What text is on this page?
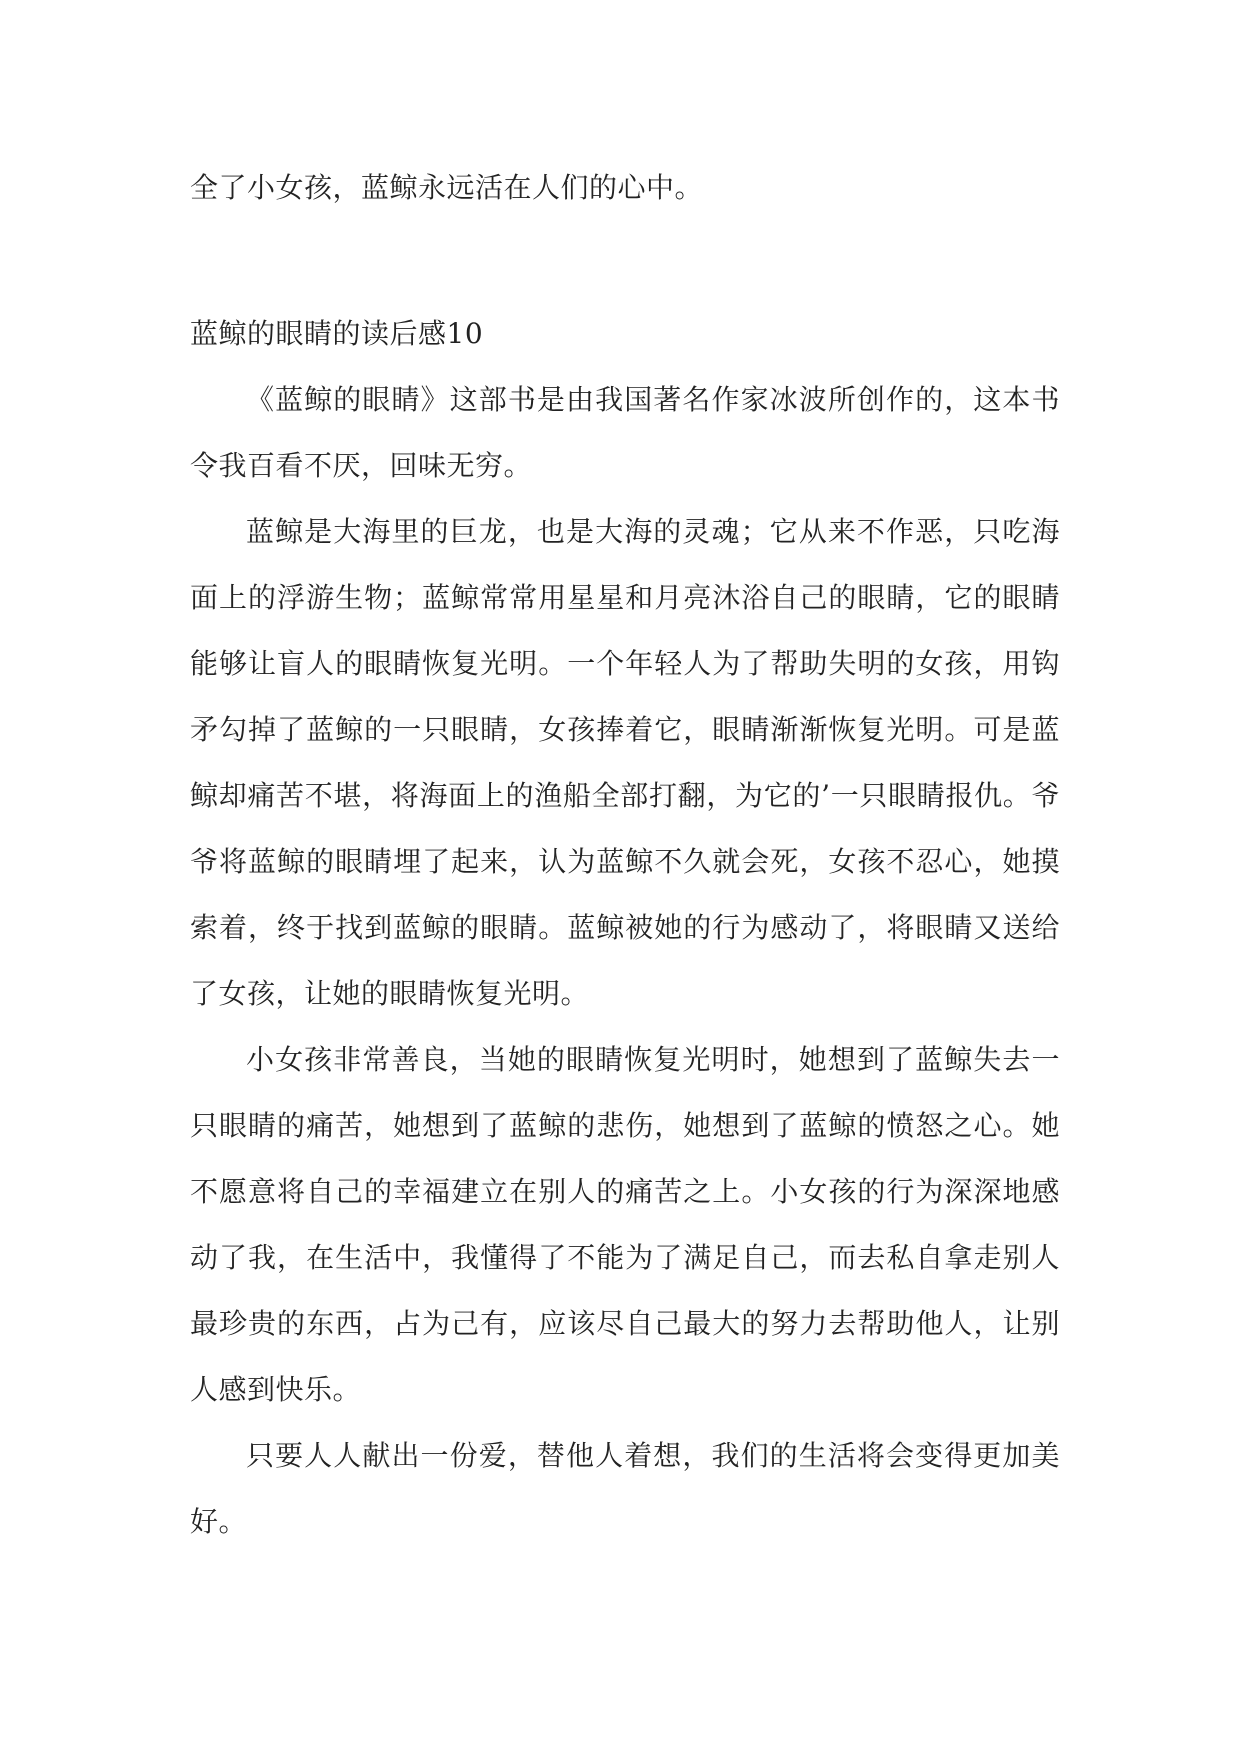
全了小女孩，蓝鲸永远活在人们的心中。

蓝鲸的眼睛的读后感10

《蓝鲸的眼睛》这部书是由我国著名作家冰波所创作的，这本书令我百看不厌，回味无穷。

蓝鲸是大海里的巨龙，也是大海的灵魂；它从来不作恶，只吃海面上的浮游生物；蓝鲸常常用星星和月亮沐浴自己的眼睛，它的眼睛能够让盲人的眼睛恢复光明。一个年轻人为了帮助失明的女孩，用钩矛勾掉了蓝鲸的一只眼睛，女孩捧着它，眼睛渐渐恢复光明。可是蓝鲸却痛苦不堪，将海面上的渔船全部打翻，为它的’一只眼睛报仇。爷爷将蓝鲸的眼睛埋了起来，认为蓝鲸不久就会死，女孩不忍心，她摸索着，终于找到蓝鲸的眼睛。蓝鲸被她的行为感动了，将眼睛又送给了女孩，让她的眼睛恢复光明。

小女孩非常善良，当她的眼睛恢复光明时，她想到了蓝鲸失去一只眼睛的痛苦，她想到了蓝鲸的悲伤，她想到了蓝鲸的愤怒之心。她不愿意将自己的幸福建立在别人的痛苦之上。小女孩的行为深深地感动了我，在生活中，我懂得了不能为了满足自己，而去私自拿走别人最珍贵的东西，占为己有，应该尽自己最大的努力去帮助他人，让别人感到快乐。

只要人人献出一份爱，替他人着想，我们的生活将会变得更加美好。
